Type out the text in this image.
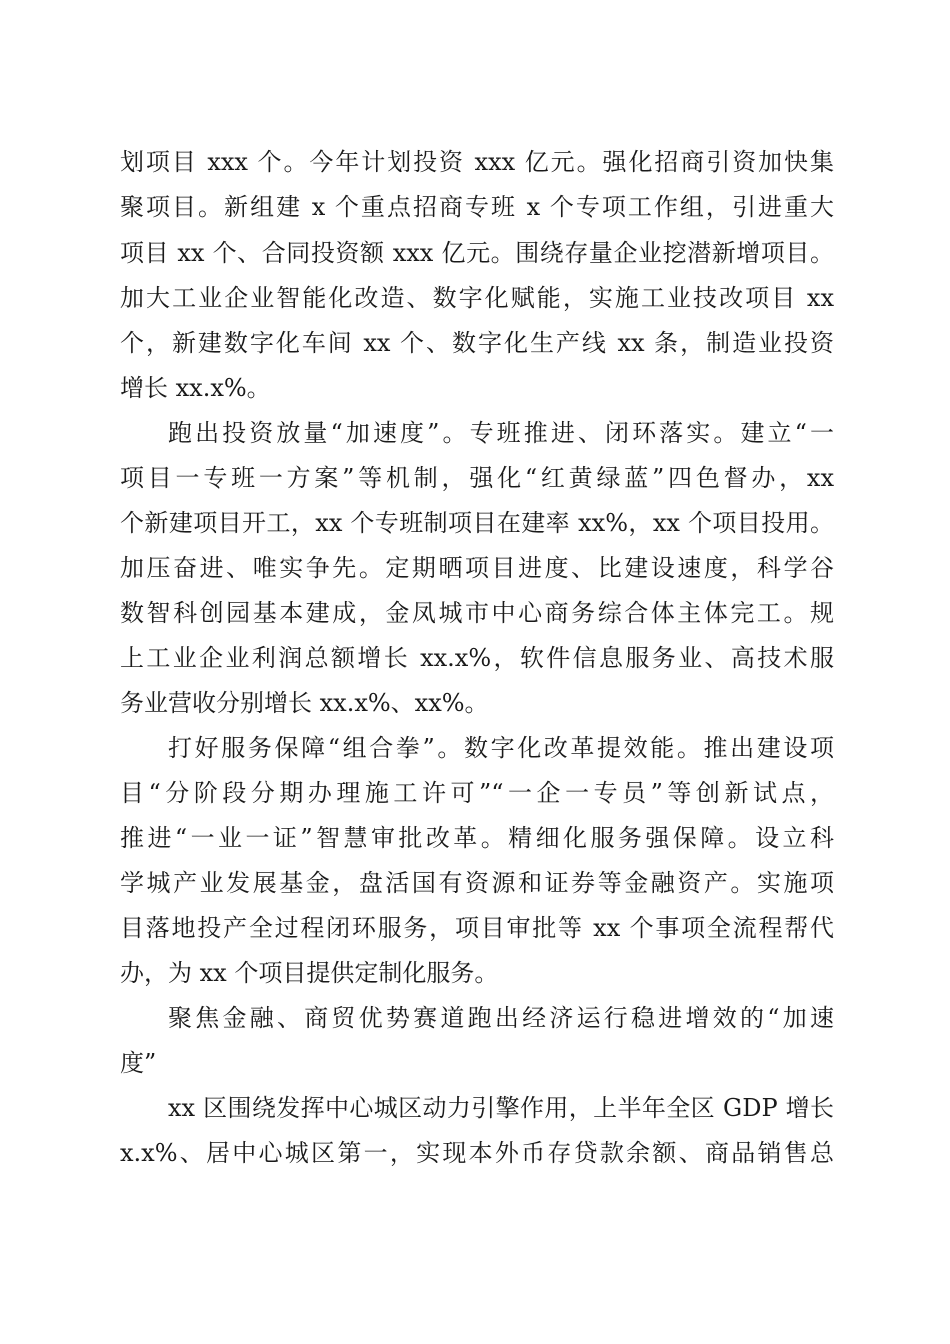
划项目 xxx 个。今年计划投资 xxx 亿元。强化招商引资加快集

聚项目。新组建 x 个重点招商专班 x 个专项工作组，引进重大

项目 xx 个、合同投资额 xxx 亿元。围绕存量企业挖潜新增项目。

加大工业企业智能化改造、数字化赋能，实施工业技改项目 xx

个，新建数字化车间 xx 个、数字化生产线 xx 条，制造业投资

增长 xx.x%。

跑出投资放量“加速度”。专班推进、闭环落实。建立“一

项目一专班一方案”等机制，强化“红黄绿蓝”四色督办，xx

个新建项目开工，xx 个专班制项目在建率 xx%，xx 个项目投用。

加压奋进、唯实争先。定期晒项目进度、比建设速度，科学谷

数智科创园基本建成，金凤城市中心商务综合体主体完工。规

上工业企业利润总额增长 xx.x%，软件信息服务业、高技术服

务业营收分别增长 xx.x%、xx%。

打好服务保障“组合拳”。数字化改革提效能。推出建设项

目“分阶段分期办理施工许可”“一企一专员”等创新试点，

推进“一业一证”智慧审批改革。精细化服务强保障。设立科

学城产业发展基金，盘活国有资源和证券等金融资产。实施项

目落地投产全过程闭环服务，项目审批等 xx 个事项全流程帮代

办，为 xx 个项目提供定制化服务。

聚焦金融、商贸优势赛道跑出经济运行稳进增效的“加速

度”

xx 区围绕发挥中心城区动力引擎作用，上半年全区 GDP 增长

x.x%、居中心城区第一，实现本外币存贷款余额、商品销售总
